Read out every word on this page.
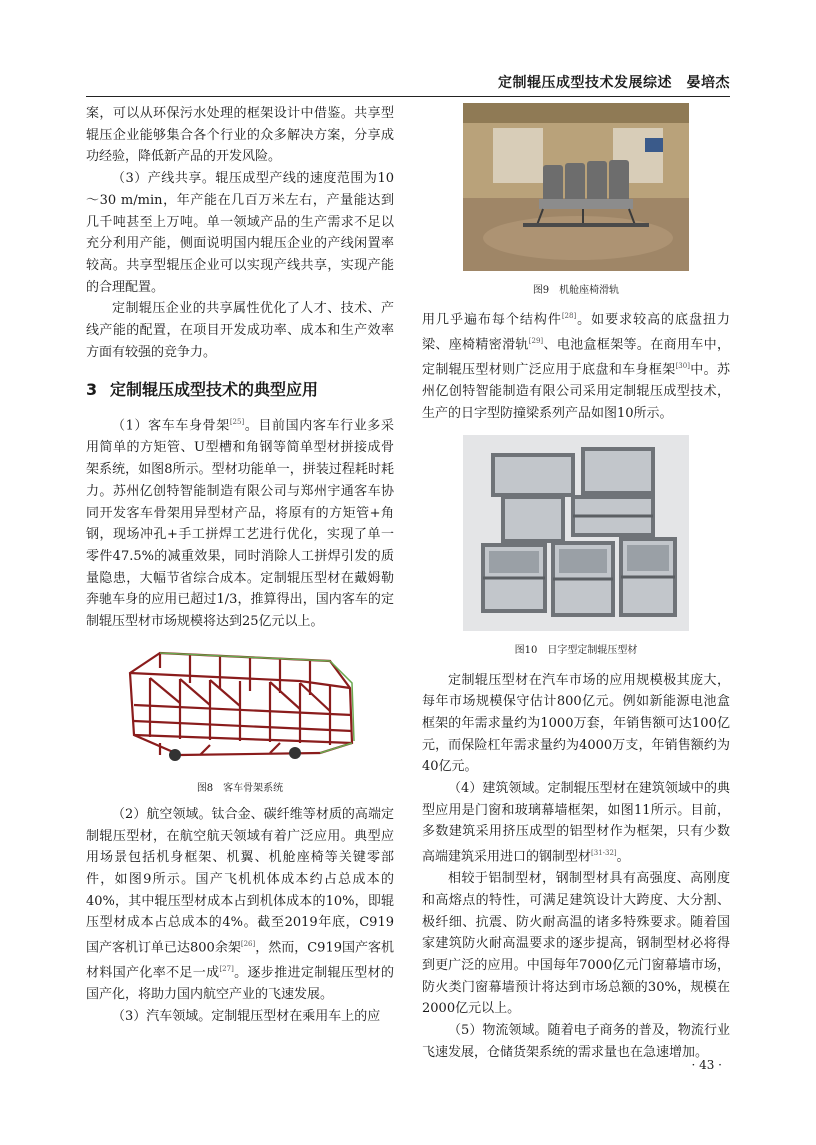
定制辊压成型技术发展综述　晏培杰

案，可以从环保污水处理的框架设计中借鉴。共享型辊压企业能够集合各个行业的众多解决方案，分享成功经验，降低新产品的开发风险。

（3）产线共享。辊压成型产线的速度范围为10～30 m/min，年产能在几百万米左右，产量能达到几千吨甚至上万吨。单一领域产品的生产需求不足以充分利用产能，侧面说明国内辊压企业的产线闲置率较高。共享型辊压企业可以实现产线共享，实现产能的合理配置。

定制辊压企业的共享属性优化了人才、技术、产线产能的配置，在项目开发成功率、成本和生产效率方面有较强的竞争力。

3 定制辊压成型技术的典型应用

（1）客车车身骨架[25]。目前国内客车行业多采用简单的方矩管、U型槽和角钢等简单型材拼接成骨架系统，如图8所示。型材功能单一，拼装过程耗时耗力。苏州亿创特智能制造有限公司与郑州宇通客车协同开发客车骨架用异型材产品，将原有的方矩管+角钢，现场冲孔+手工拼焊工艺进行优化，实现了单一零件47.5%的减重效果，同时消除人工拼焊引发的质量隐患，大幅节省综合成本。定制辊压型材在戴姆勒奔驰车身的应用已超过1/3，推算得出，国内客车的定制辊压型材市场规模将达到25亿元以上。

图8　客车骨架系统

（2）航空领域。钛合金、碳纤维等材质的高端定制辊压型材，在航空航天领域有着广泛应用。典型应用场景包括机身框架、机翼、机舱座椅等关键零部件，如图9所示。国产飞机机体成本约占总成本的40%，其中辊压型材成本占到机体成本的10%，即辊压型材成本占总成本的4%。截至2019年底，C919国产客机订单已达800余架[26]，然而，C919国产客机材料国产化率不足一成[27]。逐步推进定制辊压型材的国产化，将助力国内航空产业的飞速发展。

（3）汽车领域。定制辊压型材在乘用车上的应

图9　机舱座椅滑轨

用几乎遍布每个结构件[28]。如要求较高的底盘扭力梁、座椅精密滑轨[29]、电池盒框架等。在商用车中，定制辊压型材则广泛应用于底盘和车身框架[30]中。苏州亿创特智能制造有限公司采用定制辊压成型技术，生产的日字型防撞梁系列产品如图10所示。

图10　日字型定制辊压型材

定制辊压型材在汽车市场的应用规模极其庞大，每年市场规模保守估计800亿元。例如新能源电池盒框架的年需求量约为1000万套，年销售额可达100亿元，而保险杠年需求量约为4000万支，年销售额约为40亿元。

（4）建筑领域。定制辊压型材在建筑领域中的典型应用是门窗和玻璃幕墙框架，如图11所示。目前，多数建筑采用挤压成型的铝型材作为框架，只有少数高端建筑采用进口的钢制型材[31-32]。

相较于铝制型材，钢制型材具有高强度、高刚度和高熔点的特性，可满足建筑设计大跨度、大分割、极纤细、抗震、防火耐高温的诸多特殊要求。随着国家建筑防火耐高温要求的逐步提高，钢制型材必将得到更广泛的应用。中国每年7000亿元门窗幕墙市场，防火类门窗幕墙预计将达到市场总额的30%，规模在2000亿元以上。

（5）物流领域。随着电子商务的普及，物流行业飞速发展，仓储货架系统的需求量也在急速增加。

· 43 ·
